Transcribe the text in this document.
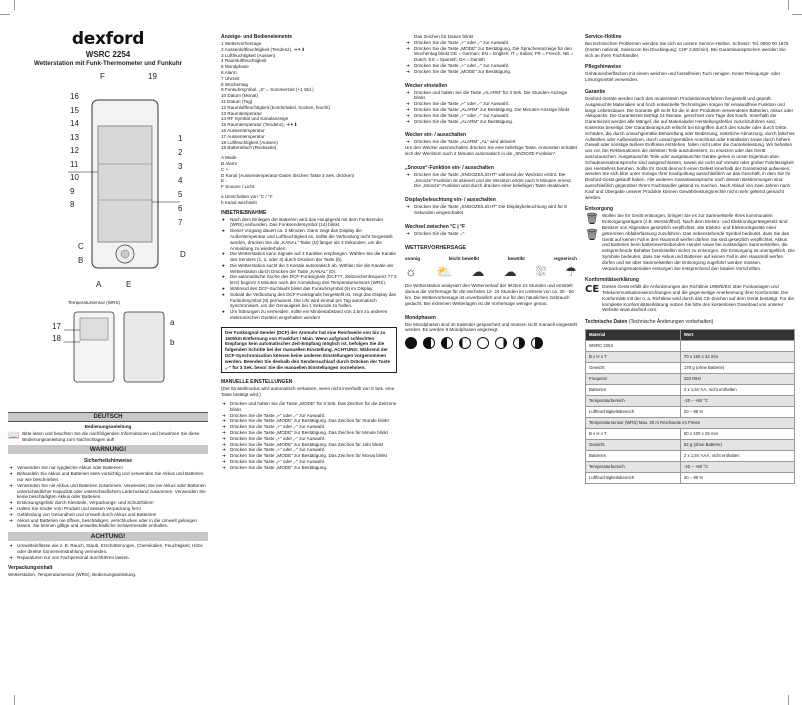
dexford
WSRC 2254
Wetterstation mit Funk-Thermometer und Funkuhr
F	19
16
15
14
13
12
11
10
9
8
1
2
3
4
5
6
7
C
B
A	E
D
Temperatursensor (WRS)
17
18
a
b
DEUTSCH
Bedienungsanleitung
📖 Bitte lesen und beachten Sie die nachfolgenden Informationen und bewahren Sie diese Bedienungsanleitung zum Nachschlagen auf!

WARNUNG!
Sicherheitshinweise
➔ Verwenden Sie nur typgleiche Akkus oder Batterien!
➔ Behandeln Sie Akkus und Batterien stets vorsichtig und verwenden Sie Akkus und Batterien nur wie beschrieben.
➔ Verwenden Sie nie Akkus und Batterien zusammen. Verwenden Sie nie Akkus oder Batterien unterschiedlicher Kapazität oder unterschiedlichem Ladezustand zusammen. Verwenden Sie keine beschädigten Akkus oder Batterien.
➔ Erstickungsgefahr durch Kleinteile, Verpackungs- und Schutzfolien!
➔ Halten Sie Kinder vom Produkt und dessen Verpackung fern!
➔ Gefährdung von Gesundheit und Umwelt durch Akkus und Batterien!
➔ Akkus und Batterien nie öffnen, beschädigen, verschlucken oder in die Umwelt gelangen lassen. Sie können giftige und umweltschädliche Schwermetalle enthalten.
ACHTUNG!
➔ Umwelteinflüsse wie z. B. Rauch, Staub, Erschütterungen, Chemikalien, Feuchtigkeit, Hitze oder direkte Sonneneinstrahlung vermeiden.
➔ Reparaturen nur von Fachpersonal durchführen lassen.
Verpackungsinhalt

Wetterstation, Temperatursensor (WRS), Bedienungsanleitung.

Anzeige- und Bedienelemente

1 Wettervorhersage

2 Aussenluftfeuchtigkeit (Tendenz), ➔✦⬇

3 Luftfeuchtigkeit (Aussen)

4 Raumluftfeuchtigkeit

5 Mondphase

6 Alarm

7 Uhrzeit

8 Wochentag

9 Funkuhrsymbol, „S“ = Sommerzeit (+1 Std.)

10 Datum (Monat)

11 Datum (Tag)

12 Raumluftfeuchtigkeit (komfortabel, trocken, feucht)

13 Raumtemperatur

14 RF Symbol und Kanalanzeige

15 Raumtemperatur (Tendenz), ➔✦⬇

16 Aussentemperatur

17 Aussentemperatur

18 Luftfeuchtigkeit (Aussen)

19 Batteriefach (Rückseite)

A Mode

B Alarm

C +

D Kanal (Aussentemperatur-Daten löschen Taste 3 Sek. drücken)

E -

F Snooze / Licht

a Umschalten von °C / °F

b Kanal wechseln

INBETRIEBNAHME
● Nach dem Einlegen der Batterien wird das Hauptgerät mit dem Funksender (WRS) verbunden. Das Funksendersymbol (14) blinkt.
● Dieser Vorgang dauert ca. 3 Minuten. Dann zeigt das Display die Außentemperatur und Luftfeuchtigkeit an. Sollte die Verbindung nicht hergestellt werden, drücken Sie die „KANAL“ Taste (D) länger als 3 Sekunden, um die Anmeldung zu wiederholen.
● Die Wetterstation kann Signale auf 3 Kanälen empfangen. Wählen Sie die Kanäle des Senders (1, 2, oder 3) durch Drücken der Taste (b).
● Die Wetterstation sucht die 3 Kanäle automatisch ab. Wählen Sie die Kanäle der Wetterstation durch Drücken der Taste „KANAL“ (D).
● Die automatische Suche des DCF-Funksignals (DCF77, Zeitzeichenfrequenz 77.5 kHz) beginnt 3 Minuten nach der Anmeldung des Temperatursensors (WRS).
● Während des DCF-Suchlaufs blinkt das Funkuhrsymbol (9) im Display.
● Sobald die Verbindung des DCF-Funksignals hergestellt ist, zeigt das Display das Funkuhrsymbol (9) permanent. Die Uhr wird einmal pro Tag automatisch synchronisiert, um die Genauigkeit bei 1 Sekunde zu halten.
● Um Störungen zu vermeiden, sollte ein Mindestabstand von 2,5m zu anderen elektronischen Geräten eingehalten werden!
Der Funksignal-Sender (DCF) der Atomuhr hat eine Reichweite von bis zu 1500km Entfernung von Frankfurt / Main. Wenn aufgrund schlechten Empfangs kein automatischer Zeit-Empfang möglich ist, befolgen Sie die folgenden Schritte bei der manuellen Einstellung. ACHTUNG: Während der DCF-Synchronisation können keine anderen Einstellungen vorgenommen werden. Beenden Sie deshalb den Sendersuchlauf durch Drücken der Taste „-“ für 3 Sek. bevor Sie die manuellen Einstellungen vornehmen.
MANUELLE EINSTELLUNGEN

(Der Einstellmodus wird automatisch verlassen, wenn nicht innerhalb von 8 Sek. eine Taste betätigt wird.)

➔ Drücken und halten Sie die Taste „MODE“ für 3 Sek. Das Zeichen für die Zeitzone blinkt.
➔ Drücken Sie die Taste „+“ oder „-“ zur Auswahl.
➔ Drücken Sie die Taste „MODE“ zur Bestätigung. Das Zeichen für Stunde blinkt
➔ Drücken Sie die Taste „+“ oder „-“ zur Auswahl.
➔ Drücken Sie die Taste „MODE“ zur Bestätigung. Das Zeichen für Minute blinkt
➔ Drücken Sie die Taste „+“ oder „-“ zur Auswahl.
➔ Drücken Sie die Taste „MODE“ zur Bestätigung. Das Zeichen für Jahr blinkt
➔ Drücken Sie die Taste „+“ oder „-“ zur Auswahl.
➔ Drücken Sie die Taste „MODE“ zur Bestätigung. Das Zeichen für Monat blinkt
➔ Drücken Sie die Taste „+“ oder „-“ zur Auswahl.
➔ Drücken Sie die Taste „MODE“ zur Bestätigung.

Das Zeichen für Datum blinkt

➔ Drücken Sie die Taste „+“ oder „-“ zur Auswahl.
➔ Drücken Sie die Taste „MODE“ zur Bestätigung. Die Sprachenanzeige für den Wochentag blinkt GE = German; EN = English; IT = Italian; FR = French; NE = Dutch; ES = Spanish; DA = Danish
➔ Drücken Sie die Taste „+“ oder „-“ zur Auswahl.
➔ Drücken Sie die Taste „MODE“ zur Bestätigung.
Wecker einstellen
➔ Drücken und halten Sie die Taste „ALARM“ für 3 Sek. Die Stunden-Anzeige blinkt.
➔ Drücken Sie die Taste „+“ oder „-“ zur Auswahl.
➔ Drücken Sie die Taste „ALARM“ zur Bestätigung. Die Minuten-Anzeige blinkt.
➔ Drücken Sie die Taste „+“ oder „-“ zur Auswahl.
➔ Drücken Sie die Taste „ALARM“ zur Bestätigung.
Wecker ein- / ausschalten
➔ Drücken Sie die Taste „ALARM“ „AL“ wird aktiviert

Um den Wecker auszuschalten drücken Sie eine beliebige Taste. Ansonsten schaltet sich der Wecktom nach 2 Minuten automatisch in die „SNOOZE-Funktion“.

„Snooze“-Funktion ein- / ausschalten
➔ Drücken Sie die Taste „SNOOZE/LIGHT“ während der Weckton ertönt. Die „Snooze“-Funktion ist aktiviert und der Weckton ertönt nach 5 Minuten erneut. Die „Snooze“-Funktion wird durch drücken einer beliebigen Taste deaktiviert.
Displaybeleuchtung ein- / ausschalten
➔ Drücken Sie die Taste „SNOOZE/LIGHT“ Die Displaybeleuchtung wird für 8 Sekunden eingeschaltet.
Wechsel zwischen °C | °F
➔ Drücken Sie die Taste „-“
WETTERVORHERSAGE
sonnig	leicht bewölkt	bewölkt	regnerisch
☼ ⛅ ☁ ☁ ⛆ ☂

Die Wetterstation analysiert den Wetterverlauf der letzten 24 Stunden und ermittelt daraus die Vorhersage für die nächsten 12- 24 Stunden im Umkreis von ca. 30 - 50 km. Die Wettervorhersage ist unverbindlich und nur für den häuslichen Gebrauch gedacht. Bei extremen Wetterlagen ist die Vorhersage weniger genau.

Mondphasen

Die Mondphasen sind im Kalender gespeichert und müssen nicht manuell eingestellt werden. Es werden 8 Mondphasen angezeigt.

Service-Hotline

Bei technischen Problemen wenden Sie sich an unsere Service-Hotline. Schweiz: Tel. 0900 00 1675 (Kosten national, Swisscom bei Drucklegung: CHF 2,60/min). Bei Garantieansprüchen wenden Sie sich an Ihren Fachhändler.

Pflegehinweise

Gehäuseoberflächen mit einem weichen und fusselfreien Tuch reinigen. Keine Reinigungs- oder Lösungsmittel verwenden.

Garantie

Dexford-Geräte werden nach den modernsten Produktionsverfahren hergestellt und geprüft. Ausgesuchte Materialien und hoch entwickelte Technologien sorgen für einwandfreie Funktion und lange Lebensdauer. Die Garantie gilt nicht für die in den Produkten verwendeten Batterien, Akkus oder Akkupacks. Die Garantiezeit beträgt 24 Monate, gerechnet vom Tage des Kaufs. Innerhalb der Garantiezeit werden alle Mängel, die auf Materialoder Herstellungsfehler zurückzuführen sind, kostenlos beseitigt. Der Garantieanspruch erlischt bei Eingriffen durch den Käufer oder durch Dritte. Schäden, die durch unsachgemäße Behandlung oder Bedienung, natürliche Abnutzung, durch falsches Aufstellen oder Aufbewahren, durch unsachgemäßen Anschluss oder Installation sowie durch höhere Gewalt oder sonstige äußere Einflüsse entstehen, fallen nicht unter die Garantieleistung. Wir behalten uns vor, bei Reklamationen die defekten Teile auszubessern, zu ersetzen oder das Gerät auszutauschen. Ausgetauschte Teile oder ausgetauschte Geräte gehen in unser Eigentum über. Schadenersatzansprüche sind ausgeschlossen, soweit sie nicht auf Vorsatz oder grober Fahrlässigkeit des Herstellers beruhen. Sollte Ihr Gerät dennoch einen Defekt innerhalb der Garantiezeit aufweisen, wenden Sie sich bitte unter Vorlage Ihrer Kaufquittung ausschließlich an das Geschäft, in dem Sie Ihr Dexford-Gerät gekauft haben. Alle weiteren Garantieansprüche nach dessen Bestimmungen sind ausschließlich gegenüber Ihrem Fachhändler geltend zu machen. Nach Ablauf von zwei Jahren nach Kauf und Übergabe unserer Produkte können Gewährleistungsrechte nicht mehr geltend gemacht werden.

Entsorgung
🗑
🗑

Wollen Sie Ihr Gerät entsorgen, bringen Sie es zur Sammelstelle Ihres kommunalen Entsorgungsträgers (z.B. Wertstoffhof). Nach dem Elektro- und Elektronikgerätegesetz sind Besitzer von Altgeräten gesetzlich verpflichtet, alte Elektro- und Elektronikgeräte einer getrennten Abfallerfassung zuzuführen. Das nebenstehende Symbol bedeutet, dass Sie das Gerät auf keinen Fall in den Hausmüll werfen dürfen! Sie sind gesetzlich verpflichtet, Akkus und Batterien beim batterievertreibenden Handel sowie bei zuständigen Sammelstellen, die entsprechende Behälter bereitstellen sicher zu entsorgen. Die Entsorgung ist unentgeltlich. Die Symbole bedeuten, dass Sie Akkus und Batterien auf keinen Fall in den Hausmüll werfen dürfen und sie über Sammelstellen der Entsorgung zugeführt werden müssen. Verpackungsmaterialien entsorgen Sie entsprechend den lokalen Vorschriften.

Konformitätserklärung
CE Dieses Gerät erfüllt die Anforderungen der Richtlinie 1999/5/EG über Funkanlagen und Telekommunikationseinrichtungen und die gegenseitige Anerkennung ihrer Konformität. Die Konformität mit der o. a. Richtlinie wird durch das CE-Zeichen auf dem Gerät bestätigt. Für die komplette Konformitätserklärung nutzen Sie bitte den kostenlosen Download von unserer Website www.dexford.com.

Technische Daten (Technische Änderungen vorbehalten)
Material	Wert
WSRC 2254	
B x H x T	70 x 160 x 32 mm
Gewicht	178 g (ohne Batterie)
Frequenz	433 MHz
Batterien	2 x 1,5V AA, nicht enthalten
Temperaturbereich	-20 – +50 °C
Luftfeuchtigkeitsbereich	20 – 95 %
Temperatursensor (WRS) Max. 30 m Reichweite im Freien	
B x H x T	60 x 100 x 25 mm
Gewicht	52 g (ohne Batterie)
Batterien	2 x 1,5V AAA, nicht enthalten
Temperaturbereich	-20 – +60 °C
Luftfeuchtigkeitsbereich	20 – 95 %
